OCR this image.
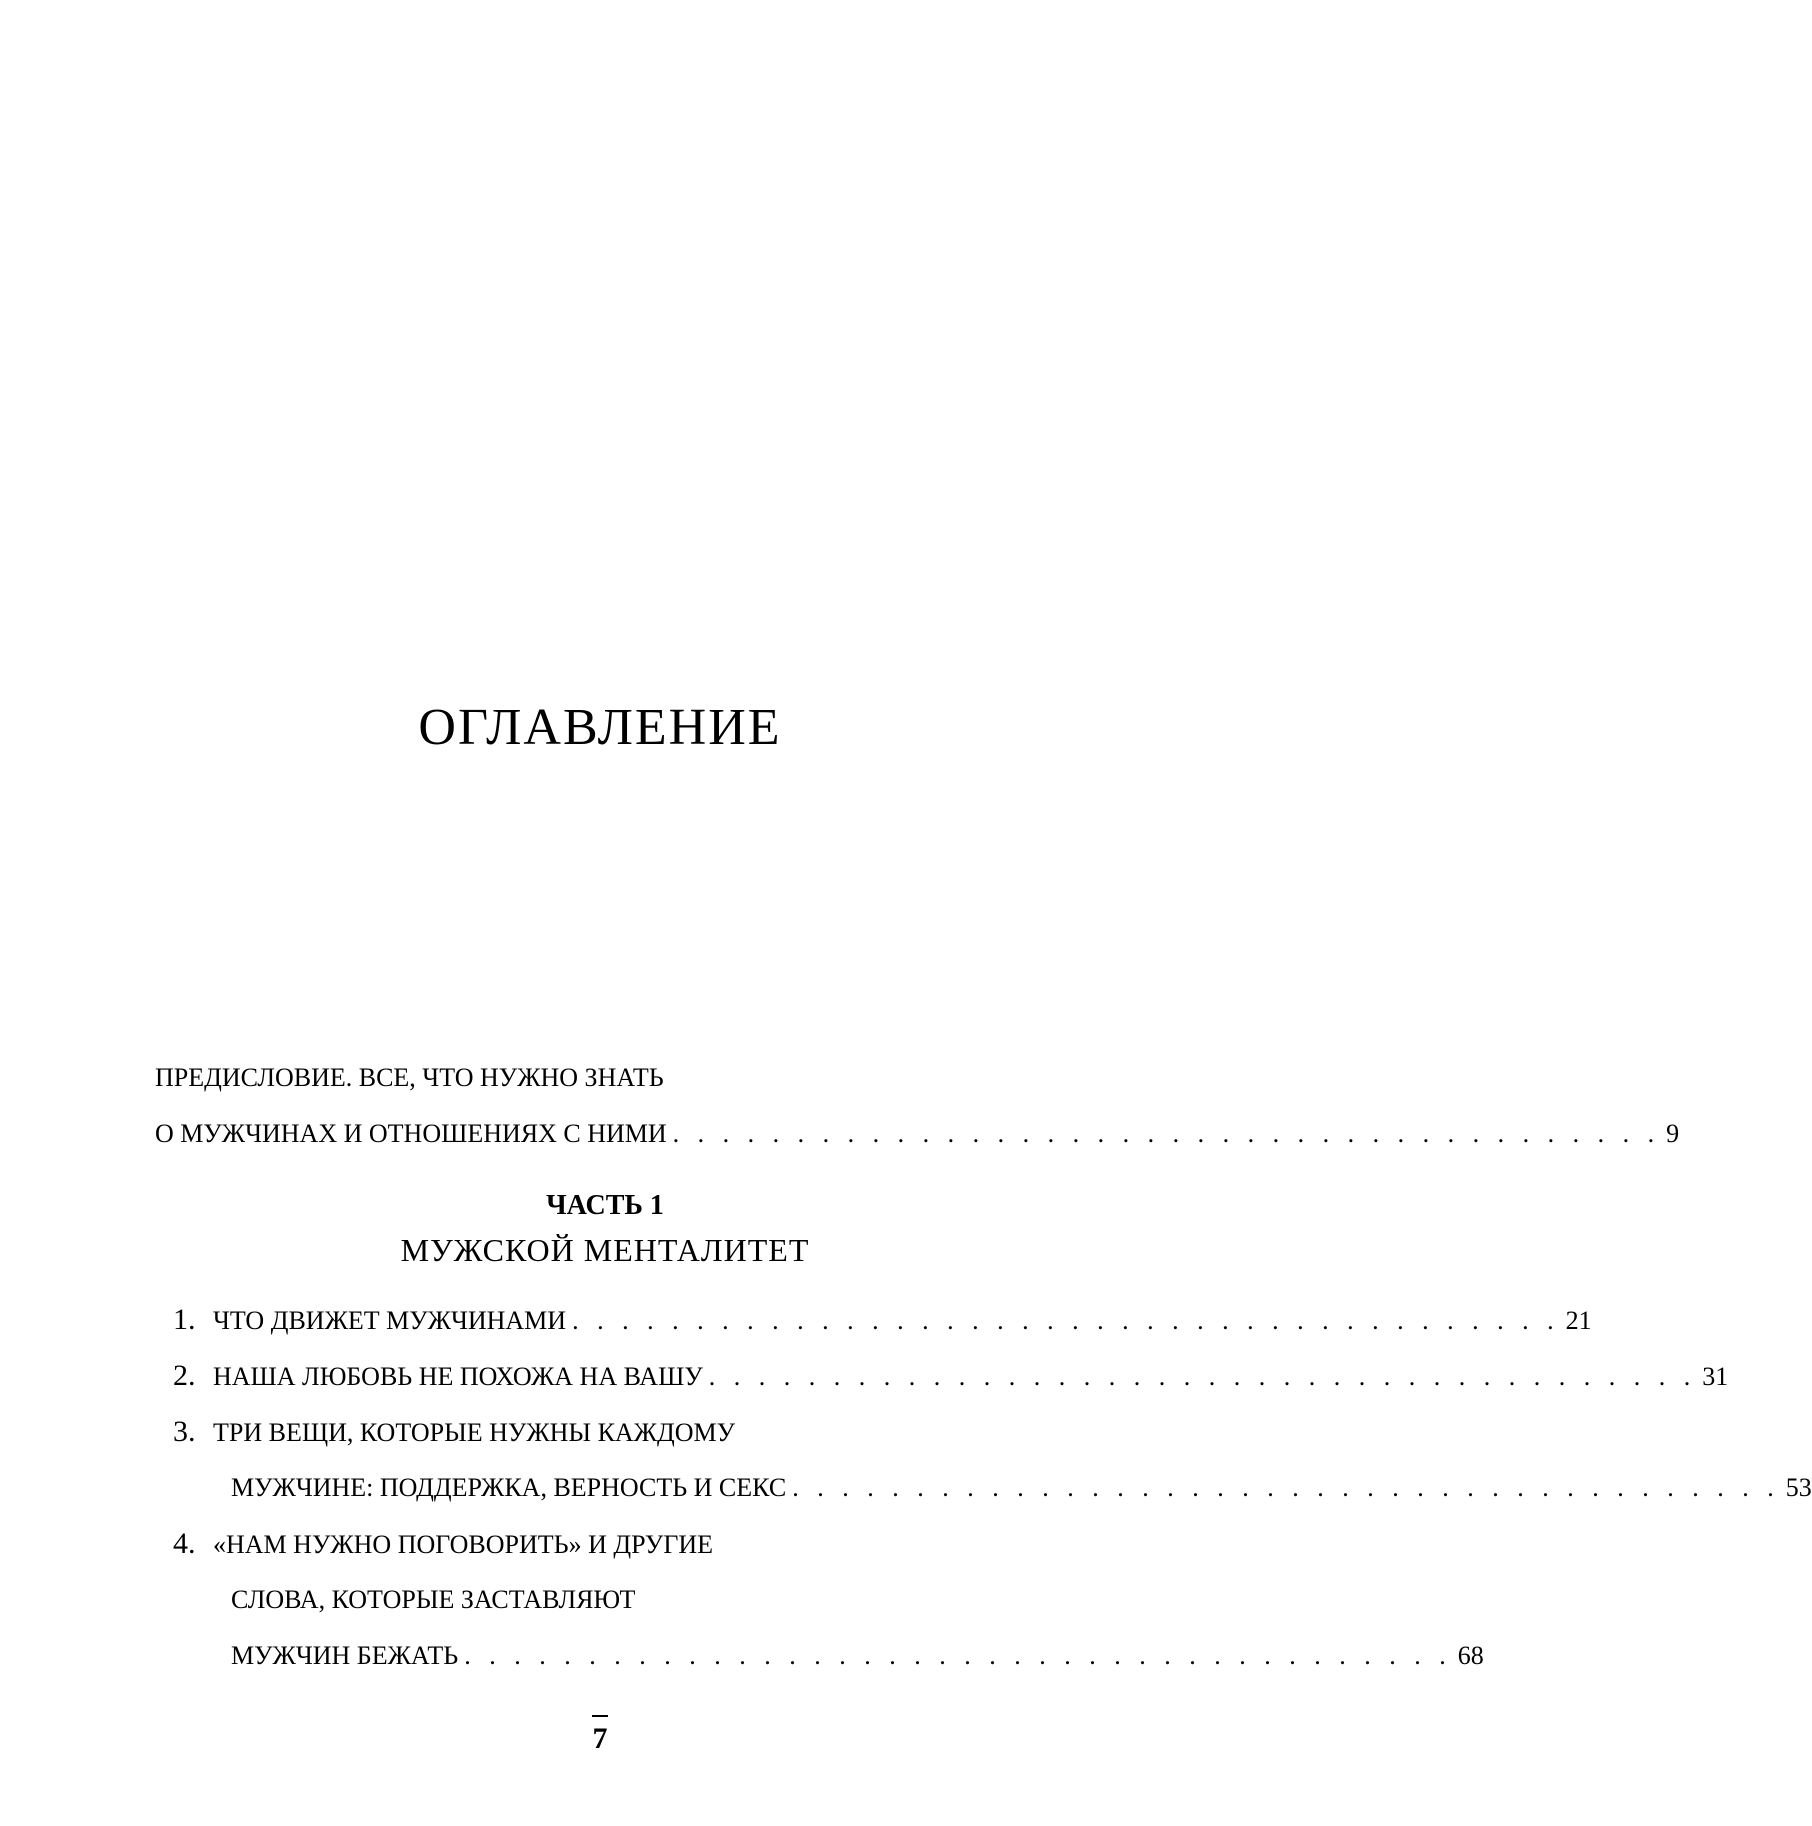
ОГЛАВЛЕНИЕ
ПРЕДИСЛОВИЕ. ВСЕ, ЧТО НУЖНО ЗНАТЬ
О МУЖЧИНАХ И ОТНОШЕНИЯХ С НИМИ . . . . . . . . . . . . . . . . . . . . . . . . . . . . . . . . . . . . . . . . 9
ЧАСТЬ 1
МУЖСКОЙ МЕНТАЛИТЕТ
1. ЧТО ДВИЖЕТ МУЖЧИНАМИ . . . . . . . . . . . . . . . . . . . . . . . . . . . . . . . . . . . . . . . . 21
2. НАША ЛЮБОВЬ НЕ ПОХОЖА НА ВАШУ . . . . . . . . . . . . . . . . . . . . . . . . . . . . . . . . . . . . . . . . 31
3. ТРИ ВЕЩИ, КОТОРЫЕ НУЖНЫ КАЖДОМУ
МУЖЧИНЕ: ПОДДЕРЖКА, ВЕРНОСТЬ И СЕКС . . . . . . . . . . . . . . . . . . . . . . . . . . . . . . . . . . . . . . . . 53
4. «НАМ НУЖНО ПОГОВОРИТЬ» И ДРУГИЕ
СЛОВА, КОТОРЫЕ ЗАСТАВЛЯЮТ
МУЖЧИН БЕЖАТЬ . . . . . . . . . . . . . . . . . . . . . . . . . . . . . . . . . . . . . . . . 68
7
